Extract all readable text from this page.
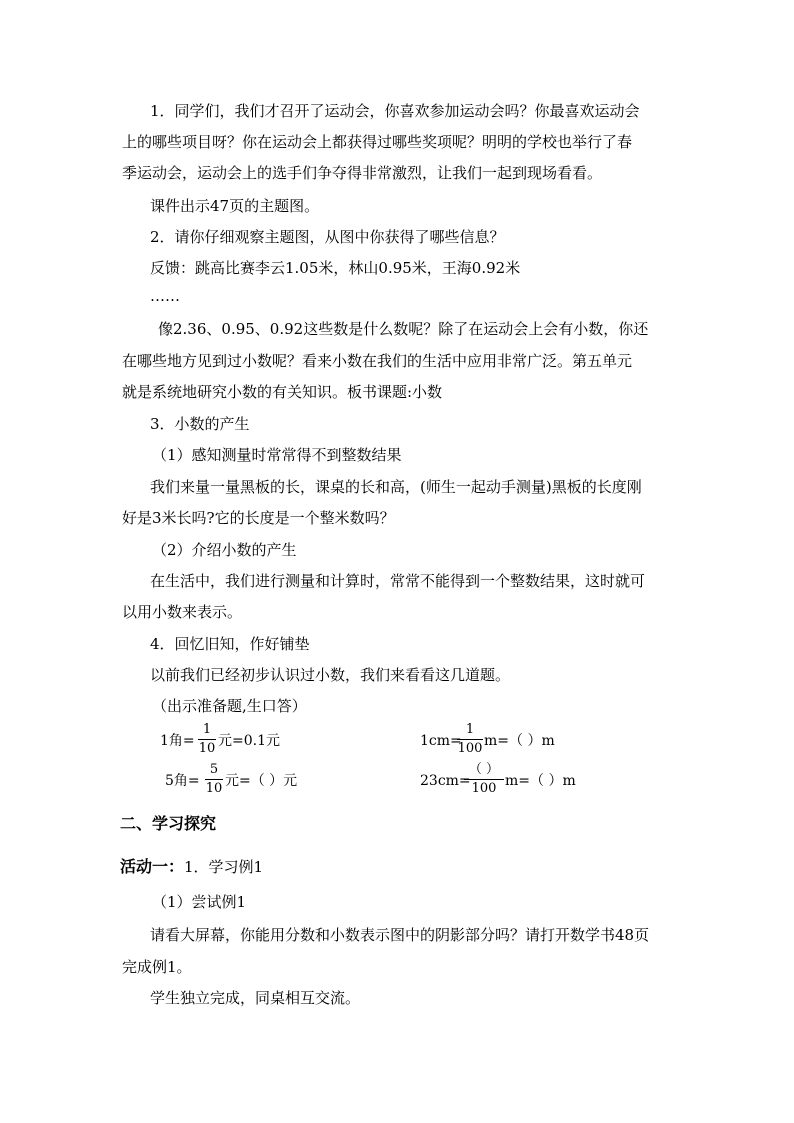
1．同学们，我们才召开了运动会，你喜欢参加运动会吗？你最喜欢运动会
上的哪些项目呀？你在运动会上都获得过哪些奖项呢？明明的学校也举行了春
季运动会，运动会上的选手们争夺得非常激烈，让我们一起到现场看看。
课件出示47页的主题图。
2．请你仔细观察主题图，从图中你获得了哪些信息？
反馈：跳高比赛李云1.05米，林山0.95米，王海0.92米
……
像2.36、0.95、0.92这些数是什么数呢？除了在运动会上会有小数，你还
在哪些地方见到过小数呢？看来小数在我们的生活中应用非常广泛。第五单元
就是系统地研究小数的有关知识。板书课题:小数
3．小数的产生
（1）感知测量时常常得不到整数结果
我们来量一量黑板的长，课桌的长和高，(师生一起动手测量)黑板的长度刚
好是3米长吗?它的长度是一个整米数吗？
（2）介绍小数的产生
在生活中，我们进行测量和计算时，常常不能得到一个整数结果，这时就可
以用小数来表示。
4．回忆旧知，作好铺垫
以前我们已经初步认识过小数，我们来看看这几道题。
（出示准备题,生口答）
1角=
1
10 元=0.1元	1cm=
1
100 m=（ ）m
5角=
5
10 元=（ ）元	23cm=
（ ）
100 m=（ ）m
二、学习探究
活动一：1．学习例1
（1）尝试例1
请看大屏幕，你能用分数和小数表示图中的阴影部分吗？请打开数学书48页
完成例1。
学生独立完成，同桌相互交流。
